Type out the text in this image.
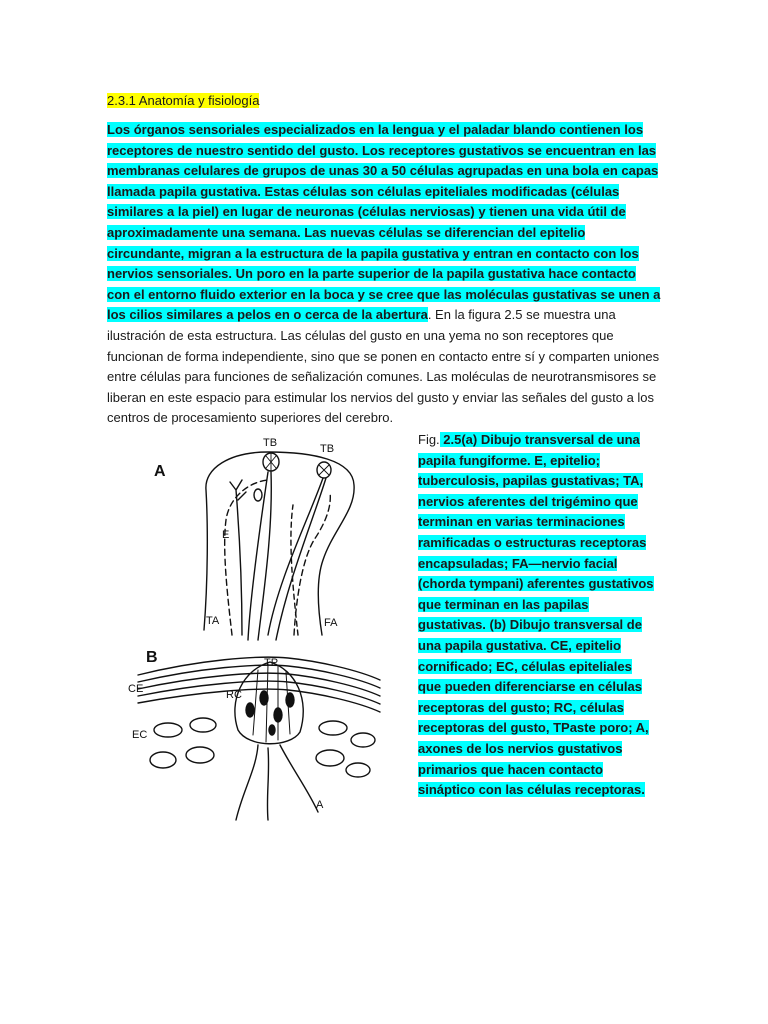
2.3.1 Anatomía y fisiología
Los órganos sensoriales especializados en la lengua y el paladar blando contienen los receptores de nuestro sentido del gusto. Los receptores gustativos se encuentran en las membranas celulares de grupos de unas 30 a 50 células agrupadas en una bola en capas llamada papila gustativa. Estas células son células epiteliales modificadas (células similares a la piel) en lugar de neuronas (células nerviosas) y tienen una vida útil de aproximadamente una semana. Las nuevas células se diferencian del epitelio circundante, migran a la estructura de la papila gustativa y entran en contacto con los nervios sensoriales. Un poro en la parte superior de la papila gustativa hace contacto con el entorno fluido exterior en la boca y se cree que las moléculas gustativas se unen a los cilios similares a pelos en o cerca de la abertura. En la figura 2.5 se muestra una ilustración de esta estructura. Las células del gusto en una yema no son receptores que funcionan de forma independiente, sino que se ponen en contacto entre sí y comparten uniones entre células para funciones de señalización comunes. Las moléculas de neurotransmisores se liberan en este espacio para estimular los nervios del gusto y enviar las señales del gusto a los centros de procesamiento superiores del cerebro.
A
TB	TB
E
TA	FA
B	TP
CE	RC
EC
A
Fig. 2.5(a) Dibujo transversal de una papila fungiforme. E, epitelio; tuberculosis, papilas gustativas; TA, nervios aferentes del trigémino que terminan en varias terminaciones ramificadas o estructuras receptoras encapsuladas; FA—nervio facial (chorda tympani) aferentes gustativos que terminan en las papilas gustativas. (b) Dibujo transversal de una papila gustativa. CE, epitelio cornificado; EC, células epiteliales que pueden diferenciarse en células receptoras del gusto; RC, células receptoras del gusto, TPaste poro; A, axones de los nervios gustativos primarios que hacen contacto sináptico con las células receptoras.
